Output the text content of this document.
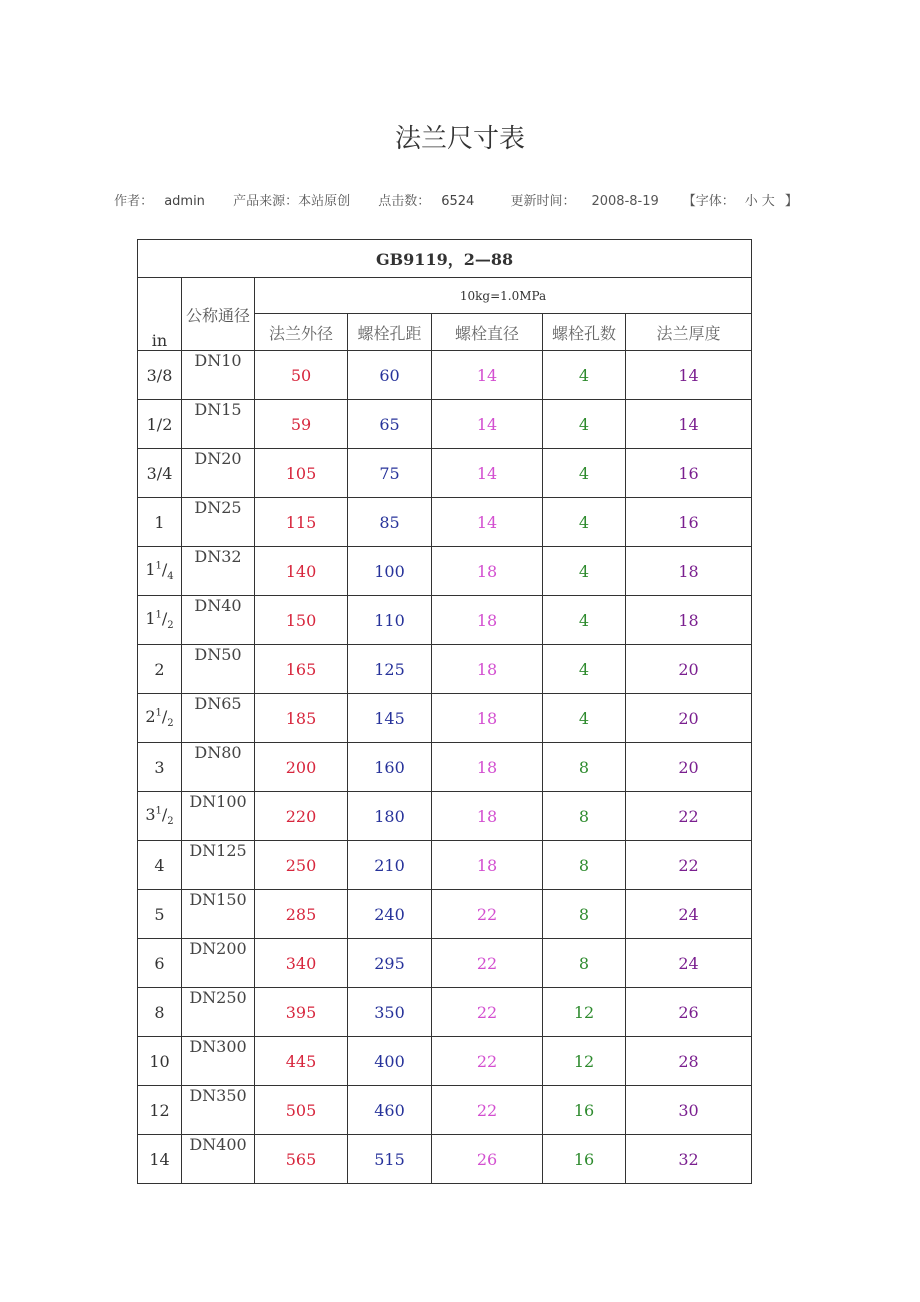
法兰尺寸表
作者： admin 产品来源：本站原创 点击数： 6524	更新时间： 2008-8-19 【字体： 小 大 】
GB9119，2—88						
in	公称通径	10kg=1.0MPa				
		法兰外径	螺栓孔距	螺栓直径	螺栓孔数	法兰厚度
3/8	DN10	50	60	14	4	14
1/2	DN15	59	65	14	4	14
3/4	DN20	105	75	14	4	16
1	DN25	115	85	14	4	16
$1^1/_4$	DN32	140	100	18	4	18
$1^1/_2$	DN40	150	110	18	4	18
2	DN50	165	125	18	4	20
$2^1/_2$	DN65	185	145	18	4	20
3	DN80	200	160	18	8	20
$3^1/_2$	DN100	220	180	18	8	22
4	DN125	250	210	18	8	22
5	DN150	285	240	22	8	24
6	DN200	340	295	22	8	24
8	DN250	395	350	22	12	26
10	DN300	445	400	22	12	28
12	DN350	505	460	22	16	30
14	DN400	565	515	26	16	32
